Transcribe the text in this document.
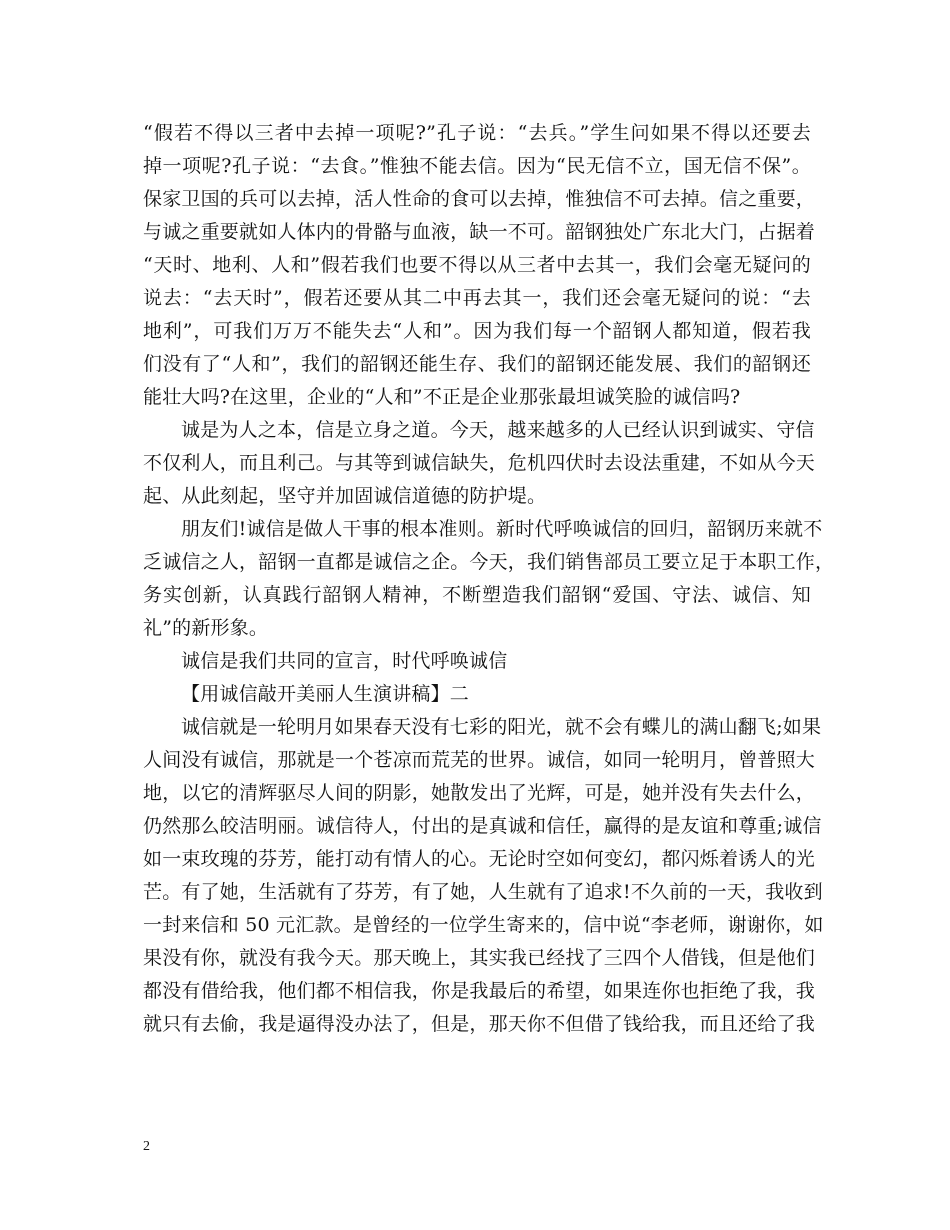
“假若不得以三者中去掉一项呢?”孔子说：“去兵。”学生问如果不得以还要去
掉一项呢?孔子说：“去食。”惟独不能去信。因为“民无信不立，国无信不保”。
保家卫国的兵可以去掉，活人性命的食可以去掉，惟独信不可去掉。信之重要，
与诚之重要就如人体内的骨骼与血液，缺一不可。韶钢独处广东北大门，占据着
“天时、地利、人和”假若我们也要不得以从三者中去其一，我们会毫无疑问的
说去：“去天时”，假若还要从其二中再去其一，我们还会毫无疑问的说：“去
地利”，可我们万万不能失去“人和”。因为我们每一个韶钢人都知道，假若我
们没有了“人和”，我们的韶钢还能生存、我们的韶钢还能发展、我们的韶钢还
能壮大吗?在这里，企业的“人和”不正是企业那张最坦诚笑脸的诚信吗?
诚是为人之本，信是立身之道。今天，越来越多的人已经认识到诚实、守信
不仅利人，而且利己。与其等到诚信缺失，危机四伏时去设法重建，不如从今天
起、从此刻起，坚守并加固诚信道德的防护堤。
朋友们!诚信是做人干事的根本准则。新时代呼唤诚信的回归，韶钢历来就不
乏诚信之人，韶钢一直都是诚信之企。今天，我们销售部员工要立足于本职工作，
务实创新，认真践行韶钢人精神，不断塑造我们韶钢“爱国、守法、诚信、知
礼”的新形象。
诚信是我们共同的宣言，时代呼唤诚信
【用诚信敲开美丽人生演讲稿】二
诚信就是一轮明月如果春天没有七彩的阳光，就不会有蝶儿的满山翻飞;如果
人间没有诚信，那就是一个苍凉而荒芜的世界。诚信，如同一轮明月，曾普照大
地，以它的清辉驱尽人间的阴影，她散发出了光辉，可是，她并没有失去什么，
仍然那么皎洁明丽。诚信待人，付出的是真诚和信任，赢得的是友谊和尊重;诚信
如一束玫瑰的芬芳，能打动有情人的心。无论时空如何变幻，都闪烁着诱人的光
芒。有了她，生活就有了芬芳，有了她，人生就有了追求!不久前的一天，我收到
一封来信和 50 元汇款。是曾经的一位学生寄来的，信中说“李老师，谢谢你，如
果没有你，就没有我今天。那天晚上，其实我已经找了三四个人借钱，但是他们
都没有借给我，他们都不相信我，你是我最后的希望，如果连你也拒绝了我，我
就只有去偷，我是逼得没办法了，但是，那天你不但借了钱给我，而且还给了我
2
